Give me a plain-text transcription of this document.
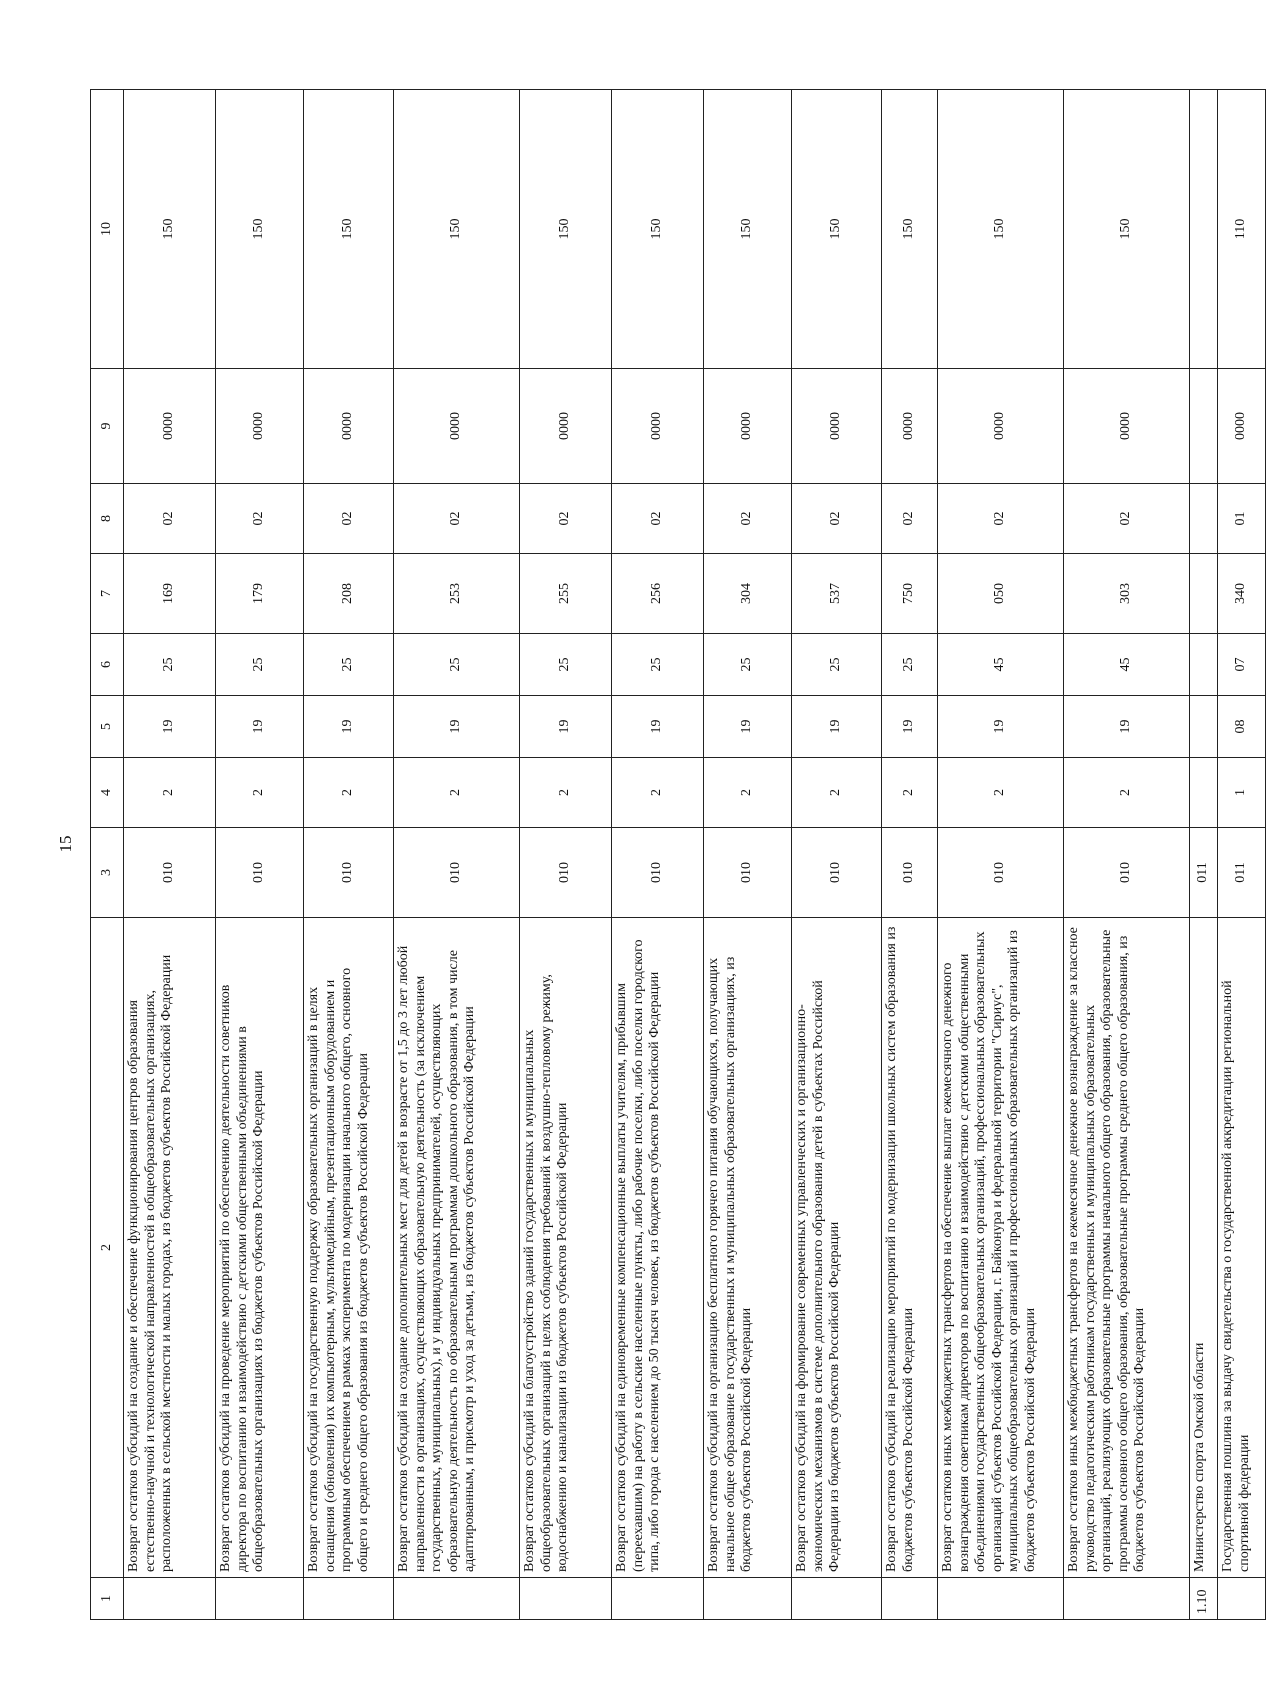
15
1	2	3	4	5	6	7	8	9	10
	Возврат остатков субсидий на создание и обеспечение функционирования центров образования естественно-научной и технологической направленностей в общеобразовательных организациях, расположенных в сельской местности и малых городах, из бюджетов субъектов Российской Федерации	010	2	19	25	169	02	0000	150
	Возврат остатков субсидий на проведение мероприятий по обеспечению деятельности советников директора по воспитанию и взаимодействию с детскими общественными объединениями в общеобразовательных организациях из бюджетов субъектов Российской Федерации	010	2	19	25	179	02	0000	150
	Возврат остатков субсидий на государственную поддержку образовательных организаций в целях оснащения (обновления) их компьютерным, мультимедийным, презентационным оборудованием и программным обеспечением в рамках эксперимента по модернизации начального общего, основного общего и среднего общего образования из бюджетов субъектов Российской Федерации	010	2	19	25	208	02	0000	150
	Возврат остатков субсидий на создание дополнительных мест для детей в возрасте от 1,5 до 3 лет любой направленности в организациях, осуществляющих образовательную деятельность (за исключением государственных, муниципальных), и у индивидуальных предпринимателей, осуществляющих образовательную деятельность по образовательным программам дошкольного образования, в том числе адаптированным, и присмотр и уход за детьми, из бюджетов субъектов Российской Федерации	010	2	19	25	253	02	0000	150
	Возврат остатков субсидий на благоустройство зданий государственных и муниципальных общеобразовательных организаций в целях соблюдения требований к воздушно-тепловому режиму, водоснабжению и канализации из бюджетов субъектов Российской Федерации	010	2	19	25	255	02	0000	150
	Возврат остатков субсидий на единовременные компенсационные выплаты учителям, прибывшим (переехавшим) на работу в сельские населенные пункты, либо рабочие поселки, либо поселки городского типа, либо города с населением до 50 тысяч человек, из бюджетов субъектов Российской Федерации	010	2	19	25	256	02	0000	150
	Возврат остатков субсидий на организацию бесплатного горячего питания обучающихся, получающих начальное общее образование в государственных и муниципальных образовательных организациях, из бюджетов субъектов Российской Федерации	010	2	19	25	304	02	0000	150
	Возврат остатков субсидий на формирование современных управленческих и организационно-экономических механизмов в системе дополнительного образования детей в субъектах Российской Федерации из бюджетов субъектов Российской Федерации	010	2	19	25	537	02	0000	150
	Возврат остатков субсидий на реализацию мероприятий по модернизации школьных систем образования из бюджетов субъектов Российской Федерации	010	2	19	25	750	02	0000	150
	Возврат остатков иных межбюджетных трансфертов на обеспечение выплат ежемесячного денежного вознаграждения советникам директоров по воспитанию и взаимодействию с детскими общественными объединениями государственных общеобразовательных организаций, профессиональных образовательных организаций субъектов Российской Федерации, г. Байконура и федеральной территории "Сириус", муниципальных общеобразовательных организаций и профессиональных образовательных организаций из бюджетов субъектов Российской Федерации	010	2	19	45	050	02	0000	150
	Возврат остатков иных межбюджетных трансфертов на ежемесячное денежное вознаграждение за классное руководство педагогическим работникам государственных и муниципальных образовательных организаций, реализующих образовательные программы начального общего образования, образовательные программы основного общего образования, образовательные программы среднего общего образования, из бюджетов субъектов Российской Федерации	010	2	19	45	303	02	0000	150
1.10	Министерство спорта Омской области	011							
	Государственная пошлина за выдачу свидетельства о государственной аккредитации региональной спортивной федерации	011	1	08	07	340	01	0000	110
